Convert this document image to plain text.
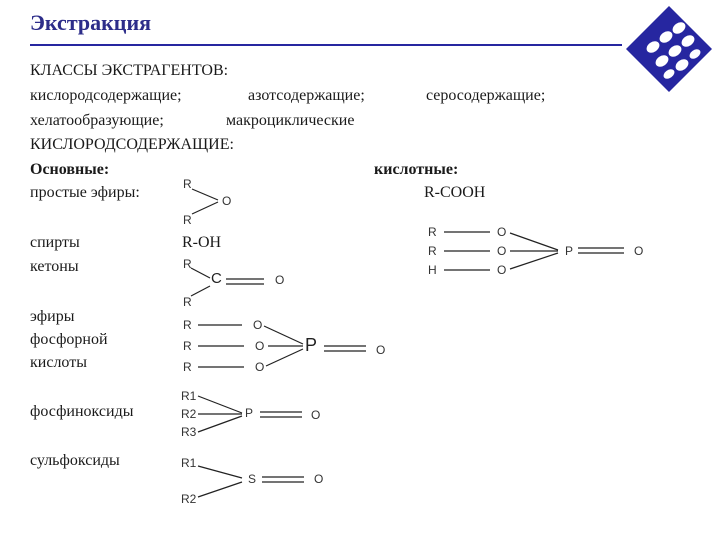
Экстракция
КЛАССЫ ЭКСТРАГЕНТОВ:
кислородсодержащие;	азотсодержащие;	серосодержащие;
хелатообразующие;	макроциклические
КИСЛОРОДСОДЕРЖАЩИЕ:
Основные:	кислотные:
простые эфиры:	R-COOH
спирты	R-OH
кетоны
эфиры
фосфорной
кислоты
фосфиноксиды
сульфоксиды
R
O
R
R
C	O
R
R	O
R	O P	O
R	O
R1
R2
R3
P	O
R1
S	O
R2
R	O
R	O	P	O
H	O
